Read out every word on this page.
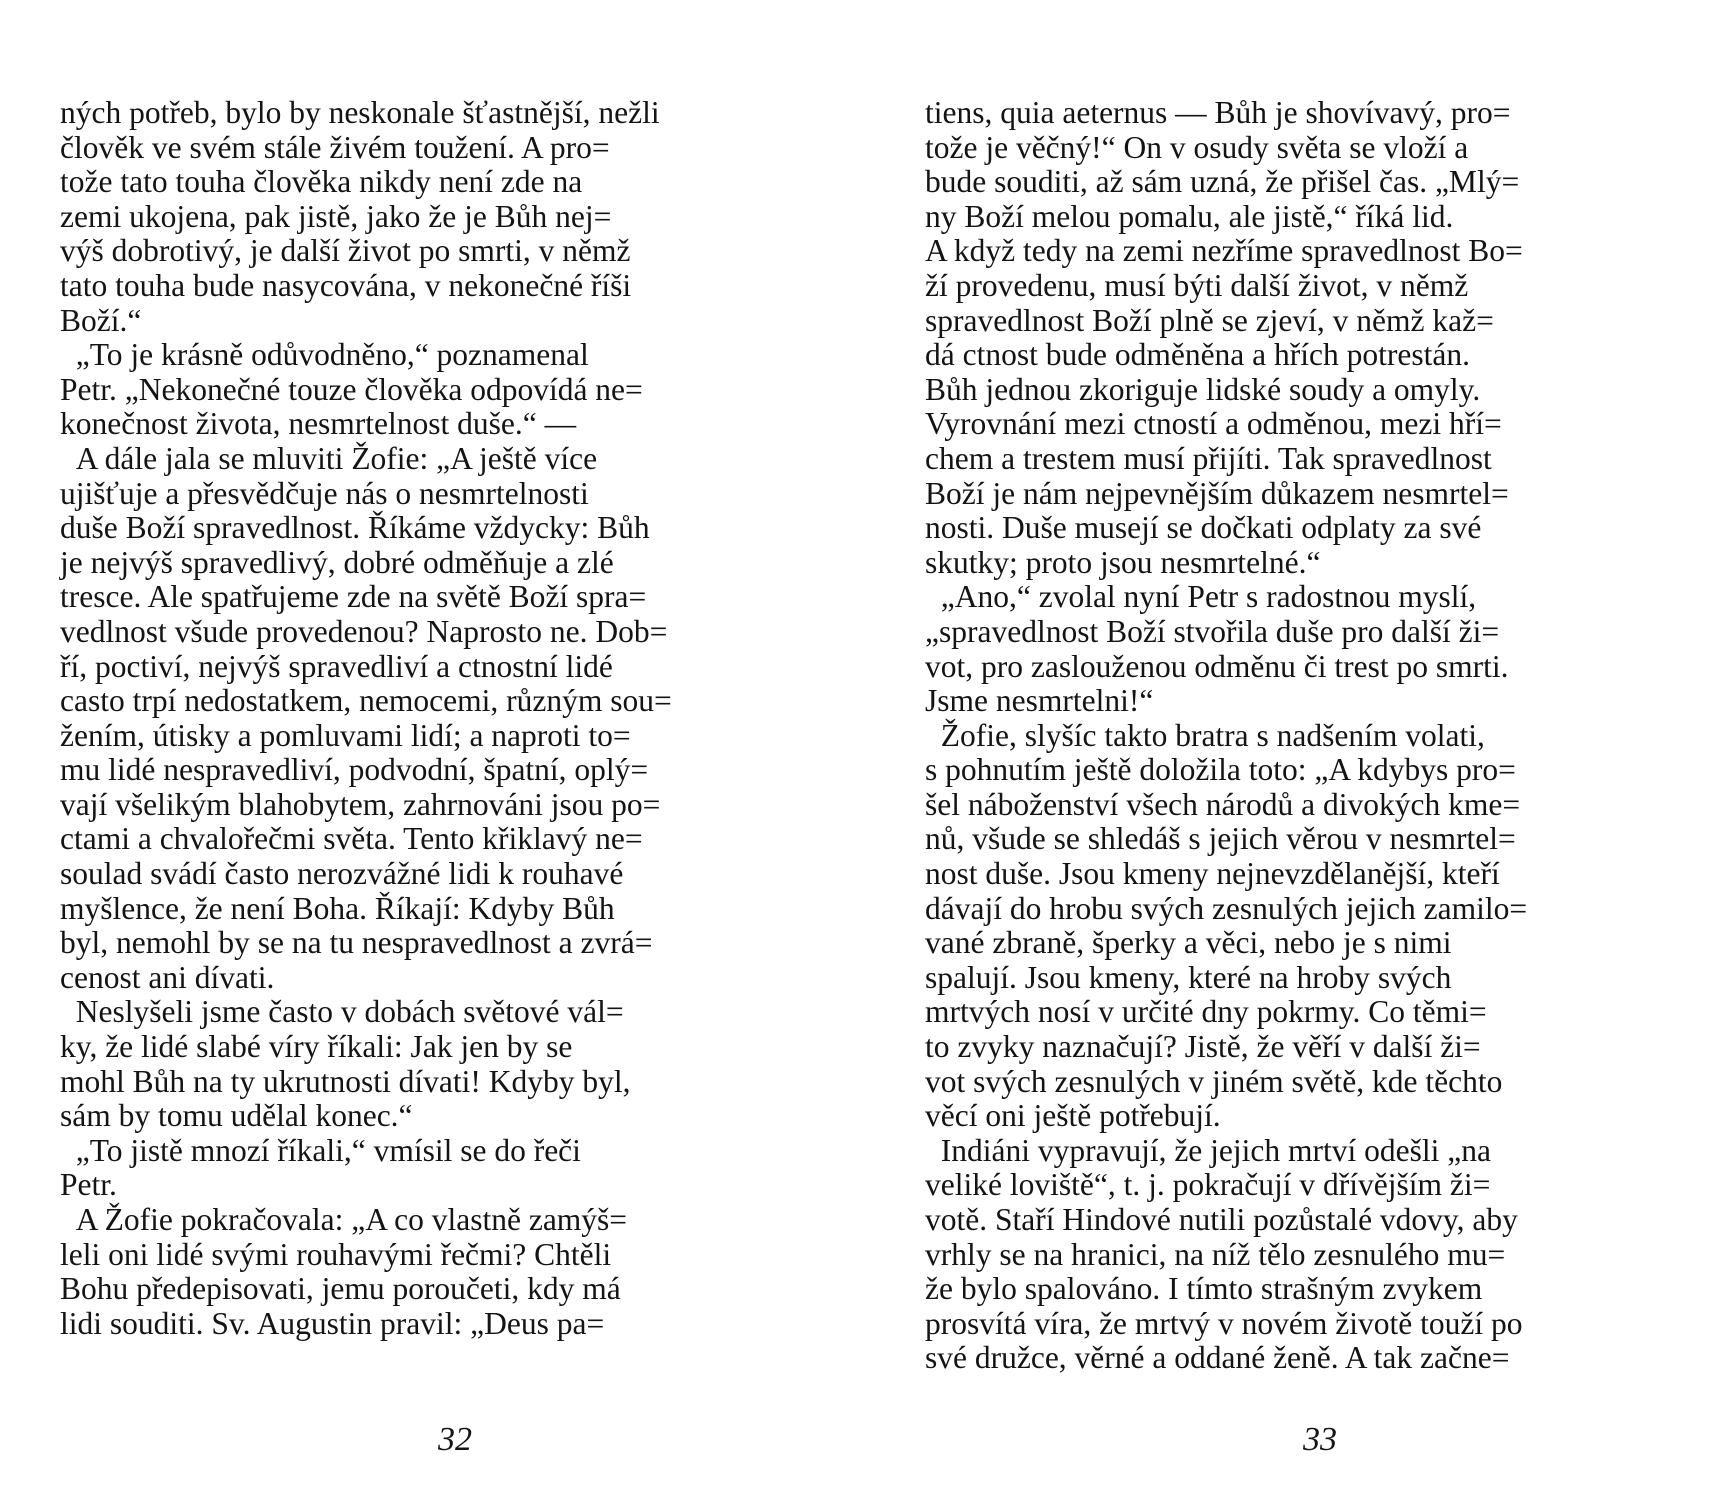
ných potřeb, bylo by neskonale šťastnější, nežli
člověk ve svém stále živém toužení. A pro=
tože tato touha člověka nikdy není zde na
zemi ukojena, pak jistě, jako že je Bůh nej=
výš dobrotivý, je další život po smrti, v němž
tato touha bude nasycována, v nekonečné říši
Boží.“
„To je krásně odůvodněno,“ poznamenal
Petr. „Nekonečné touze člověka odpovídá ne=
konečnost života, nesmrtelnost duše.“ —
A dále jala se mluviti Žofie: „A ještě více
ujišťuje a přesvědčuje nás o nesmrtelnosti
duše Boží spravedlnost. Říkáme vždycky: Bůh
je nejvýš spravedlivý, dobré odměňuje a zlé
tresce. Ale spatřujeme zde na světě Boží spra=
vedlnost všude provedenou? Naprosto ne. Dob=
ří, poctiví, nejvýš spravedliví a ctnostní lidé
casto trpí nedostatkem, nemocemi, různým sou=
žením, útisky a pomluvami lidí; a naproti to=
mu lidé nespravedliví, podvodní, špatní, oplý=
vají všelikým blahobytem, zahrnováni jsou po=
ctami a chvalořečmi světa. Tento křiklavý ne=
soulad svádí často nerozvážné lidi k rouhavé
myšlence, že není Boha. Říkají: Kdyby Bůh
byl, nemohl by se na tu nespravedlnost a zvrá=
cenost ani dívati.
Neslyšeli jsme často v dobách světové vál=
ky, že lidé slabé víry říkali: Jak jen by se
mohl Bůh na ty ukrutnosti dívati! Kdyby byl,
sám by tomu udělal konec.“
„To jistě mnozí říkali,“ vmísil se do řeči
Petr.
A Žofie pokračovala: „A co vlastně zamýš=
leli oni lidé svými rouhavými řečmi? Chtěli
Bohu předepisovati, jemu poroučeti, kdy má
lidi souditi. Sv. Augustin pravil: „Deus pa=
32
tiens, quia aeternus — Bůh je shovívavý, pro=
tože je věčný!“ On v osudy světa se vloží a
bude souditi, až sám uzná, že přišel čas. „Mlý=
ny Boží melou pomalu, ale jistě,“ říká lid.
A když tedy na zemi nezříme spravedlnost Bo=
ží provedenu, musí býti další život, v němž
spravedlnost Boží plně se zjeví, v němž kaž=
dá ctnost bude odměněna a hřích potrestán.
Bůh jednou zkoriguje lidské soudy a omyly.
Vyrovnání mezi ctností a odměnou, mezi hří=
chem a trestem musí přijíti. Tak spravedlnost
Boží je nám nejpevnějším důkazem nesmrtel=
nosti. Duše musejí se dočkati odplaty za své
skutky; proto jsou nesmrtelné.“
„Ano,“ zvolal nyní Petr s radostnou myslí,
„spravedlnost Boží stvořila duše pro další ži=
vot, pro zaslouženou odměnu či trest po smrti.
Jsme nesmrtelni!“
Žofie, slyšíc takto bratra s nadšením volati,
s pohnutím ještě doložila toto: „A kdybys pro=
šel náboženství všech národů a divokých kme=
nů, všude se shledáš s jejich věrou v nesmrtel=
nost duše. Jsou kmeny nejnevzdělanější, kteří
dávají do hrobu svých zesnulých jejich zamilo=
vané zbraně, šperky a věci, nebo je s nimi
spalují. Jsou kmeny, které na hroby svých
mrtvých nosí v určité dny pokrmy. Co těmi=
to zvyky naznačují? Jistě, že věří v další ži=
vot svých zesnulých v jiném světě, kde těchto
věcí oni ještě potřebují.
Indiáni vypravují, že jejich mrtví odešli „na
veliké loviště“, t. j. pokračují v dřívějším ži=
votě. Staří Hindové nutili pozůstalé vdovy, aby
vrhly se na hranici, na níž tělo zesnulého mu=
že bylo spalováno. I tímto strašným zvykem
prosvítá víra, že mrtvý v novém životě touží po
své družce, věrné a oddané ženě. A tak začne=
33
